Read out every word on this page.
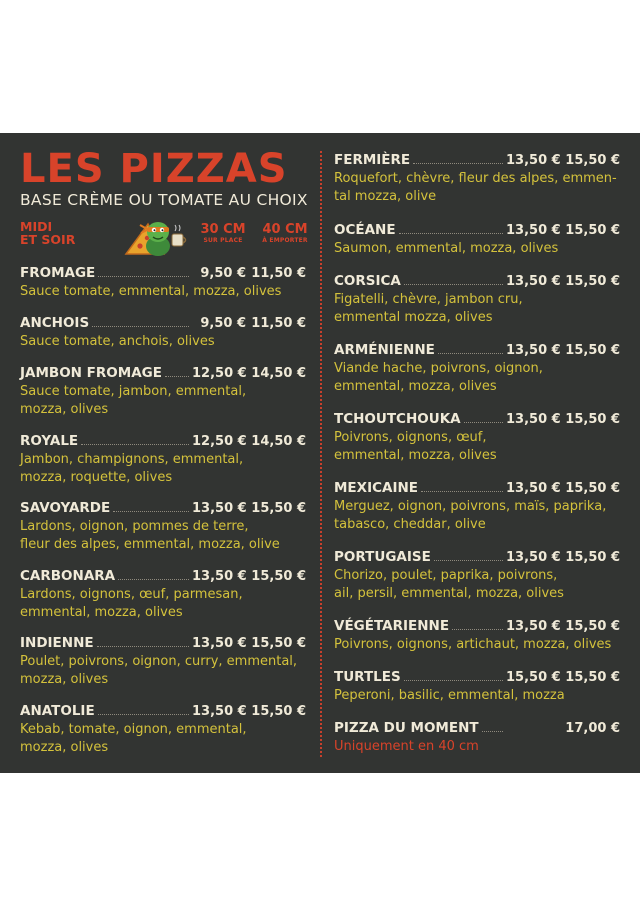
LES PIZZAS
BASE CRÈME OU TOMATE AU CHOIX
MIDI
ET SOIR
30 CM
SUR PLACE
40 CM
À EMPORTER
FROMAGE	9,50 € 11,50 €
Sauce tomate, emmental, mozza, olives
ANCHOIS	9,50 € 11,50 €
Sauce tomate, anchois, olives
JAMBON FROMAGE 12,50 € 14,50 €
Sauce tomate, jambon, emmental,
mozza, olives
ROYALE	12,50 € 14,50 €
Jambon, champignons, emmental,
mozza, roquette, olives
SAVOYARDE	13,50 € 15,50 €
Lardons, oignon, pommes de terre,
fleur des alpes, emmental, mozza, olive
CARBONARA	13,50 € 15,50 €
Lardons, oignons, œuf, parmesan,
emmental, mozza, olives
INDIENNE	13,50 € 15,50 €
Poulet, poivrons, oignon, curry, emmental,
mozza, olives
ANATOLIE	13,50 € 15,50 €
Kebab, tomate, oignon, emmental,
mozza, olives
FERMIÈRE	13,50 € 15,50 €
Roquefort, chèvre, fleur des alpes, emmen-
tal mozza, olive
OCÉANE	13,50 € 15,50 €
Saumon, emmental, mozza, olives
CORSICA	13,50 € 15,50 €
Figatelli, chèvre, jambon cru,
emmental mozza, olives
ARMÉNIENNE	13,50 € 15,50 €
Viande hache, poivrons, oignon,
emmental, mozza, olives
TCHOUTCHOUKA	13,50 € 15,50 €
Poivrons, oignons, œuf,
emmental, mozza, olives
MEXICAINE	13,50 € 15,50 €
Merguez, oignon, poivrons, maïs, paprika,
tabasco, cheddar, olive
PORTUGAISE	13,50 € 15,50 €
Chorizo, poulet, paprika, poivrons,
ail, persil, emmental, mozza, olives
VÉGÉTARIENNE	13,50 € 15,50 €
Poivrons, oignons, artichaut, mozza, olives
TURTLES	15,50 € 15,50 €
Peperoni, basilic, emmental, mozza
PIZZA DU MOMENT	17,00 €
Uniquement en 40 cm
